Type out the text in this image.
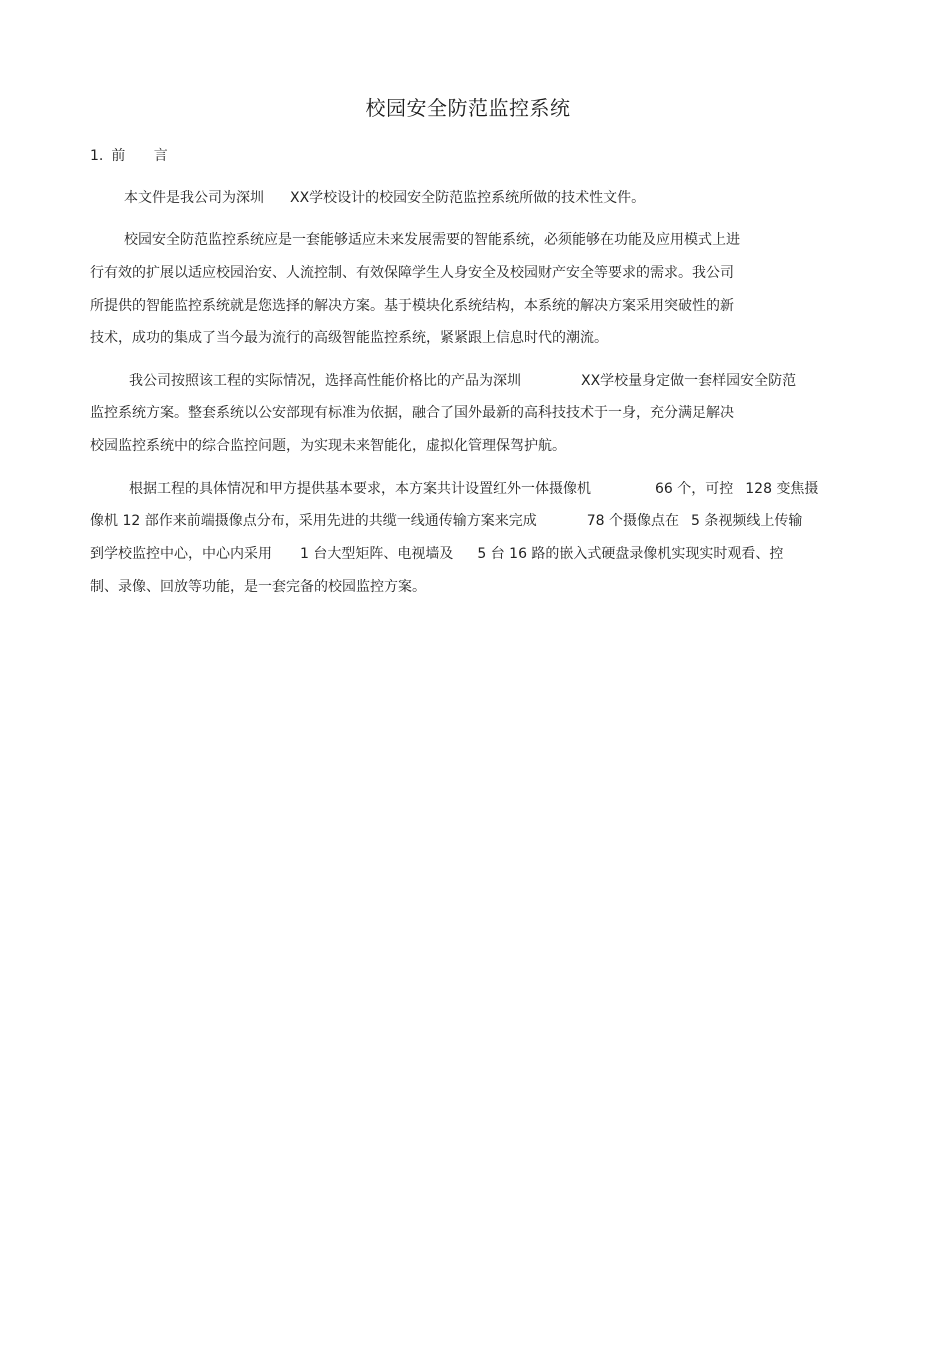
校园安全防范监控系统
1. 前 言
本文件是我公司为深圳 XX学校设计的校园安全防范监控系统所做的技术性文件。
校园安全防范监控系统应是一套能够适应未来发展需要的智能系统，必须能够在功能及应用模式上进
行有效的扩展以适应校园治安、人流控制、有效保障学生人身安全及校园财产安全等要求的需求。我公司
所提供的智能监控系统就是您选择的解决方案。基于模块化系统结构，本系统的解决方案采用突破性的新
技术，成功的集成了当今最为流行的高级智能监控系统，紧紧跟上信息时代的潮流。
我公司按照该工程的实际情况，选择高性能价格比的产品为深圳	XX学校量身定做一套样园安全防范
监控系统方案。整套系统以公安部现有标准为依据，融合了国外最新的高科技技术于一身，充分满足解决
校园监控系统中的综合监控问题，为实现未来智能化，虚拟化管理保驾护航。
根据工程的具体情况和甲方提供基本要求，本方案共计设置红外一体摄像机	66 个，可控 128 变焦摄
像机 12 部作来前端摄像点分布，采用先进的共缆一线通传输方案来完成	78 个摄像点在 5 条视频线上传输
到学校监控中心，中心内采用 1 台大型矩阵、电视墙及 5 台 16 路的嵌入式硬盘录像机实现实时观看、控
制、录像、回放等功能，是一套完备的校园监控方案。
